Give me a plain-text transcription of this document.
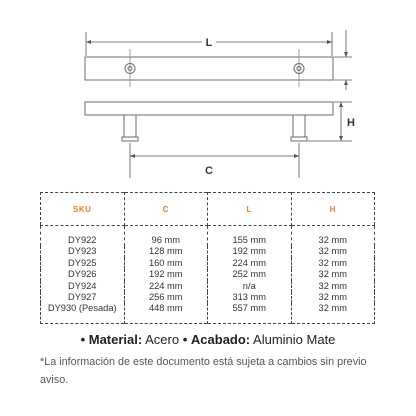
L
H
C
SKU	C	L	H
DY922	96 mm	155 mm	32 mm
DY923	128 mm	192 mm	32 mm
DY925	160 mm	224 mm	32 mm
DY926	192 mm	252 mm	32 mm
DY924	224 mm	n/a	32 mm
DY927	256 mm	313 mm	32 mm
DY930 (Pesada)	448 mm	557 mm	32 mm
• Material: Acero • Acabado: Aluminio Mate
*La información de este documento está sujeta a cambios sin previo aviso.
